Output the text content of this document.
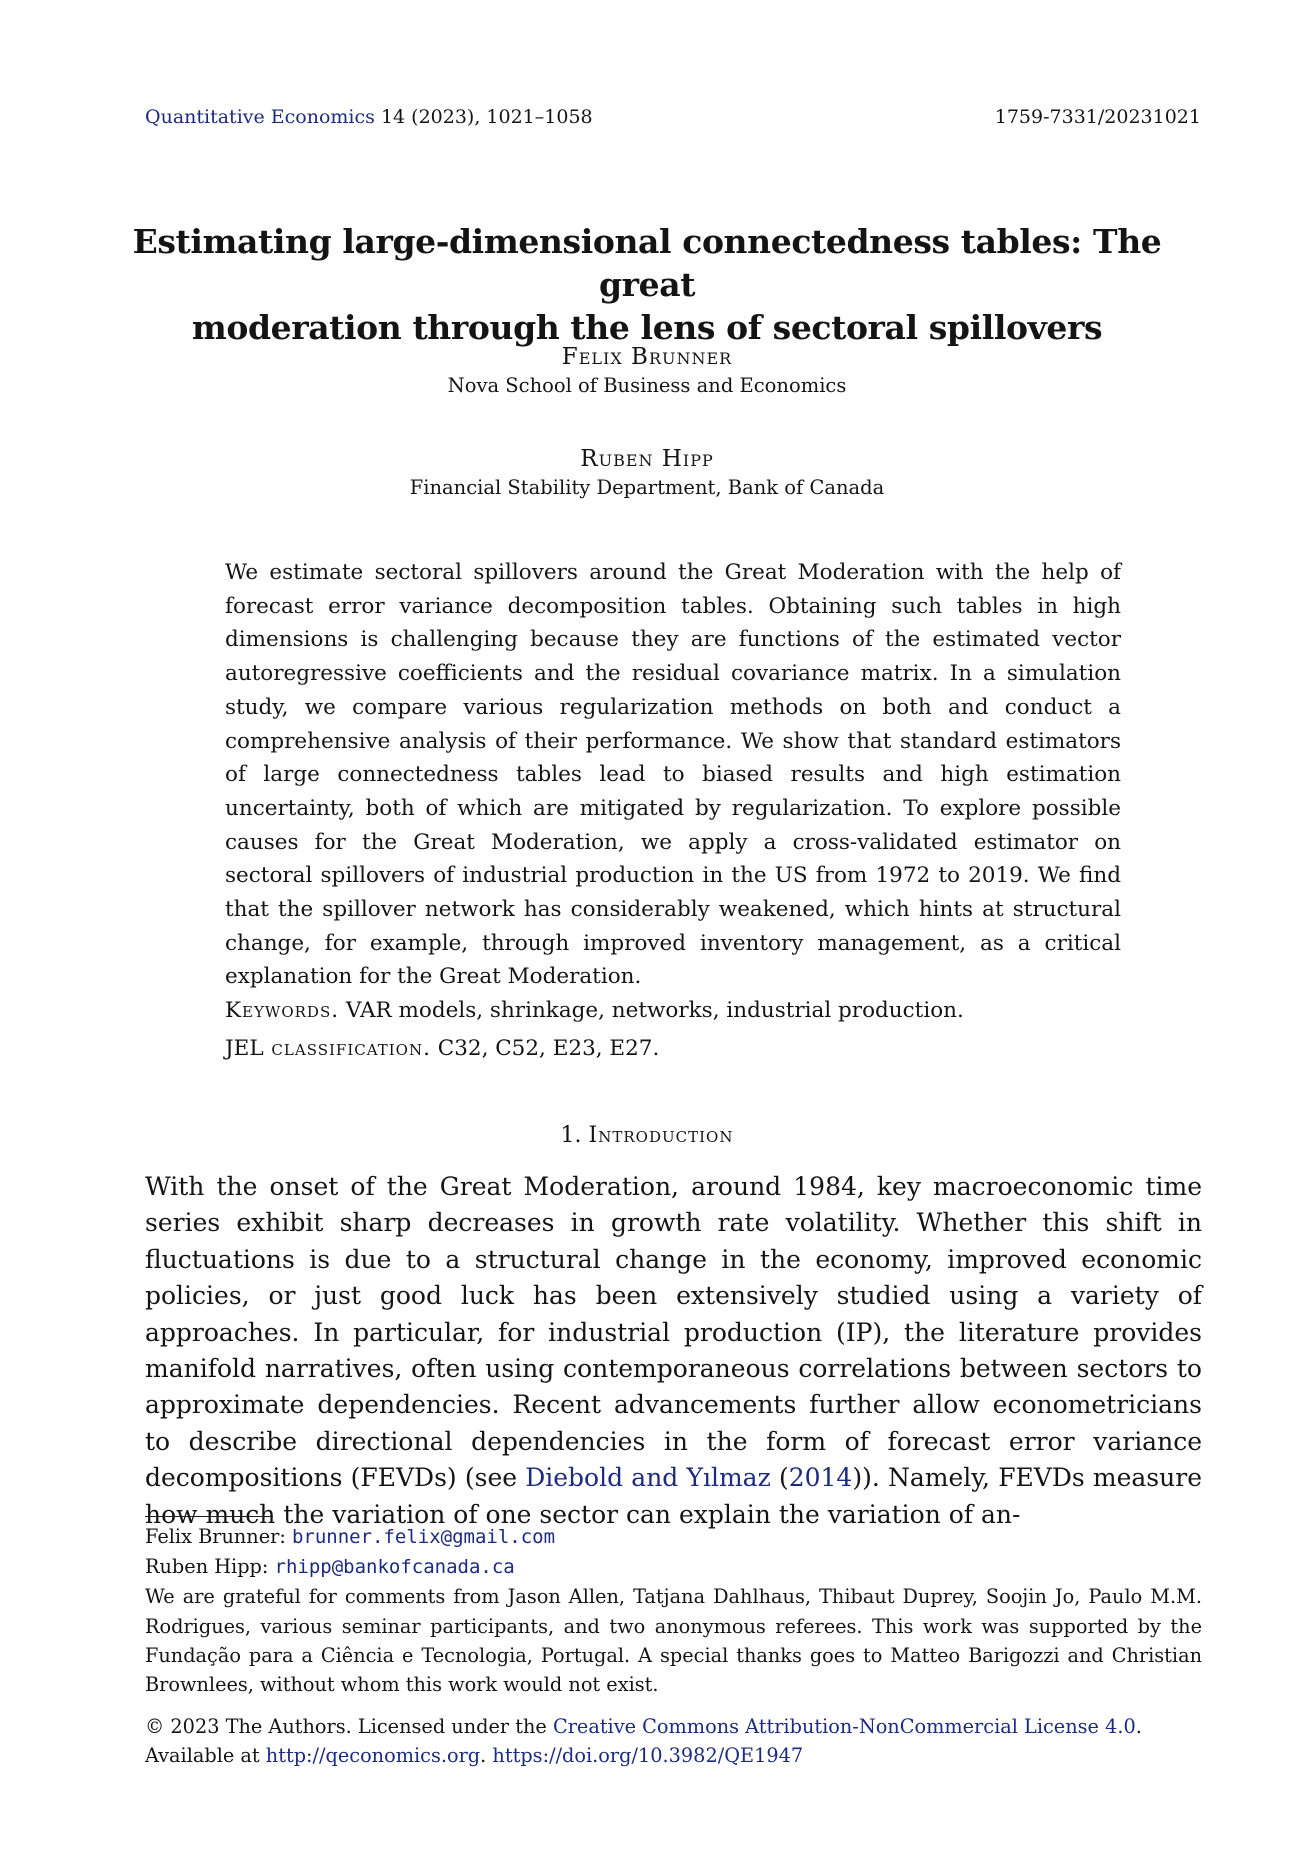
Quantitative Economics 14 (2023), 1021–1058	1759-7331/20231021
Estimating large-dimensional connectedness tables: The great
moderation through the lens of sectoral spillovers
Felix Brunner
Nova School of Business and Economics
Ruben Hipp
Financial Stability Department, Bank of Canada

We estimate sectoral spillovers around the Great Moderation with the help of forecast error variance decomposition tables. Obtaining such tables in high dimensions is challenging because they are functions of the estimated vector autoregressive coefficients and the residual covariance matrix. In a simulation study, we compare various regularization methods on both and conduct a comprehensive analysis of their performance. We show that standard estimators of large connectedness tables lead to biased results and high estimation uncertainty, both of which are mitigated by regularization. To explore possible causes for the Great Moderation, we apply a cross-validated estimator on sectoral spillovers of industrial production in the US from 1972 to 2019. We find that the spillover network has considerably weakened, which hints at structural change, for example, through improved inventory management, as a critical explanation for the Great Moderation.

Keywords. VAR models, shrinkage, networks, industrial production.
JEL classification. C32, C52, E23, E27.
1. Introduction

With the onset of the Great Moderation, around 1984, key macroeconomic time series exhibit sharp decreases in growth rate volatility. Whether this shift in fluctuations is due to a structural change in the economy, improved economic policies, or just good luck has been extensively studied using a variety of approaches. In particular, for industrial production (IP), the literature provides manifold narratives, often using contemporaneous correlations between sectors to approximate dependencies. Recent advancements further allow econometricians to describe directional dependencies in the form of forecast error variance decompositions (FEVDs) (see Diebold and Yılmaz (2014)). Namely, FEVDs measure how much the variation of one sector can explain the variation of an-

Felix Brunner: brunner.felix@gmail.com

Ruben Hipp: rhipp@bankofcanada.ca

We are grateful for comments from Jason Allen, Tatjana Dahlhaus, Thibaut Duprey, Soojin Jo, Paulo M.M. Rodrigues, various seminar participants, and two anonymous referees. This work was supported by the Fundação para a Ciência e Tecnologia, Portugal. A special thanks goes to Matteo Barigozzi and Christian Brownlees, without whom this work would not exist.

© 2023 The Authors. Licensed under the Creative Commons Attribution-NonCommercial License 4.0.

Available at http://qeconomics.org. https://doi.org/10.3982/QE1947
